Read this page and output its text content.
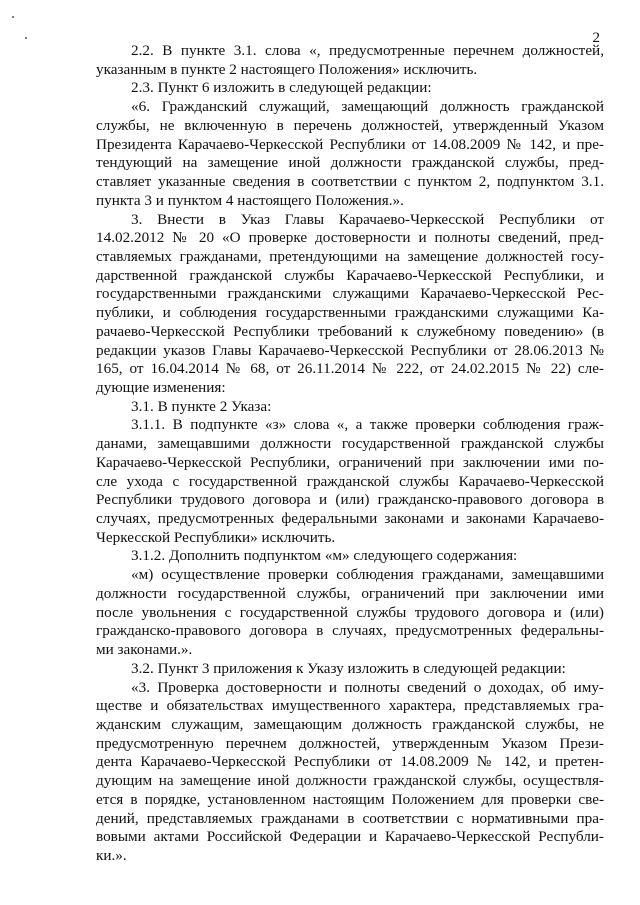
2
2.2. В пункте 3.1. слова «, предусмотренные перечнем должностей,
указанным в пункте 2 настоящего Положения» исключить.
2.3. Пункт 6 изложить в следующей редакции:
«6. Гражданский служащий, замещающий должность гражданской
службы, не включенную в перечень должностей, утвержденный Указом
Президента Карачаево-Черкесской Республики от 14.08.2009 № 142, и пре-
тендующий на замещение иной должности гражданской службы, пред-
ставляет указанные сведения в соответствии с пунктом 2, подпунктом 3.1.
пункта 3 и пунктом 4 настоящего Положения.».
3. Внести в Указ Главы Карачаево-Черкесской Республики от
14.02.2012 № 20 «О проверке достоверности и полноты сведений, пред-
ставляемых гражданами, претендующими на замещение должностей госу-
дарственной гражданской службы Карачаево-Черкесской Республики, и
государственными гражданскими служащими Карачаево-Черкесской Рес-
публики, и соблюдения государственными гражданскими служащими Ка-
рачаево-Черкесской Республики требований к служебному поведению» (в
редакции указов Главы Карачаево-Черкесской Республики от 28.06.2013 №
165, от 16.04.2014 № 68, от 26.11.2014 № 222, от 24.02.2015 № 22) сле-
дующие изменения:
3.1. В пункте 2 Указа:
3.1.1. В подпункте «з» слова «, а также проверки соблюдения граж-
данами, замещавшими должности государственной гражданской службы
Карачаево-Черкесской Республики, ограничений при заключении ими по-
сле ухода с государственной гражданской службы Карачаево-Черкесской
Республики трудового договора и (или) гражданско-правового договора в
случаях, предусмотренных федеральными законами и законами Карачаево-
Черкесской Республики» исключить.
3.1.2. Дополнить подпунктом «м» следующего содержания:
«м) осуществление проверки соблюдения гражданами, замещавшими
должности государственной службы, ограничений при заключении ими
после увольнения с государственной службы трудового договора и (или)
гражданско-правового договора в случаях, предусмотренных федеральны-
ми законами.».
3.2. Пункт 3 приложения к Указу изложить в следующей редакции:
«3. Проверка достоверности и полноты сведений о доходах, об иму-
ществе и обязательствах имущественного характера, представляемых гра-
жданским служащим, замещающим должность гражданской службы, не
предусмотренную перечнем должностей, утвержденным Указом Прези-
дента Карачаево-Черкесской Республики от 14.08.2009 № 142, и претен-
дующим на замещение иной должности гражданской службы, осуществля-
ется в порядке, установленном настоящим Положением для проверки све-
дений, представляемых гражданами в соответствии с нормативными пра-
вовыми актами Российской Федерации и Карачаево-Черкесской Республи-
ки.».
